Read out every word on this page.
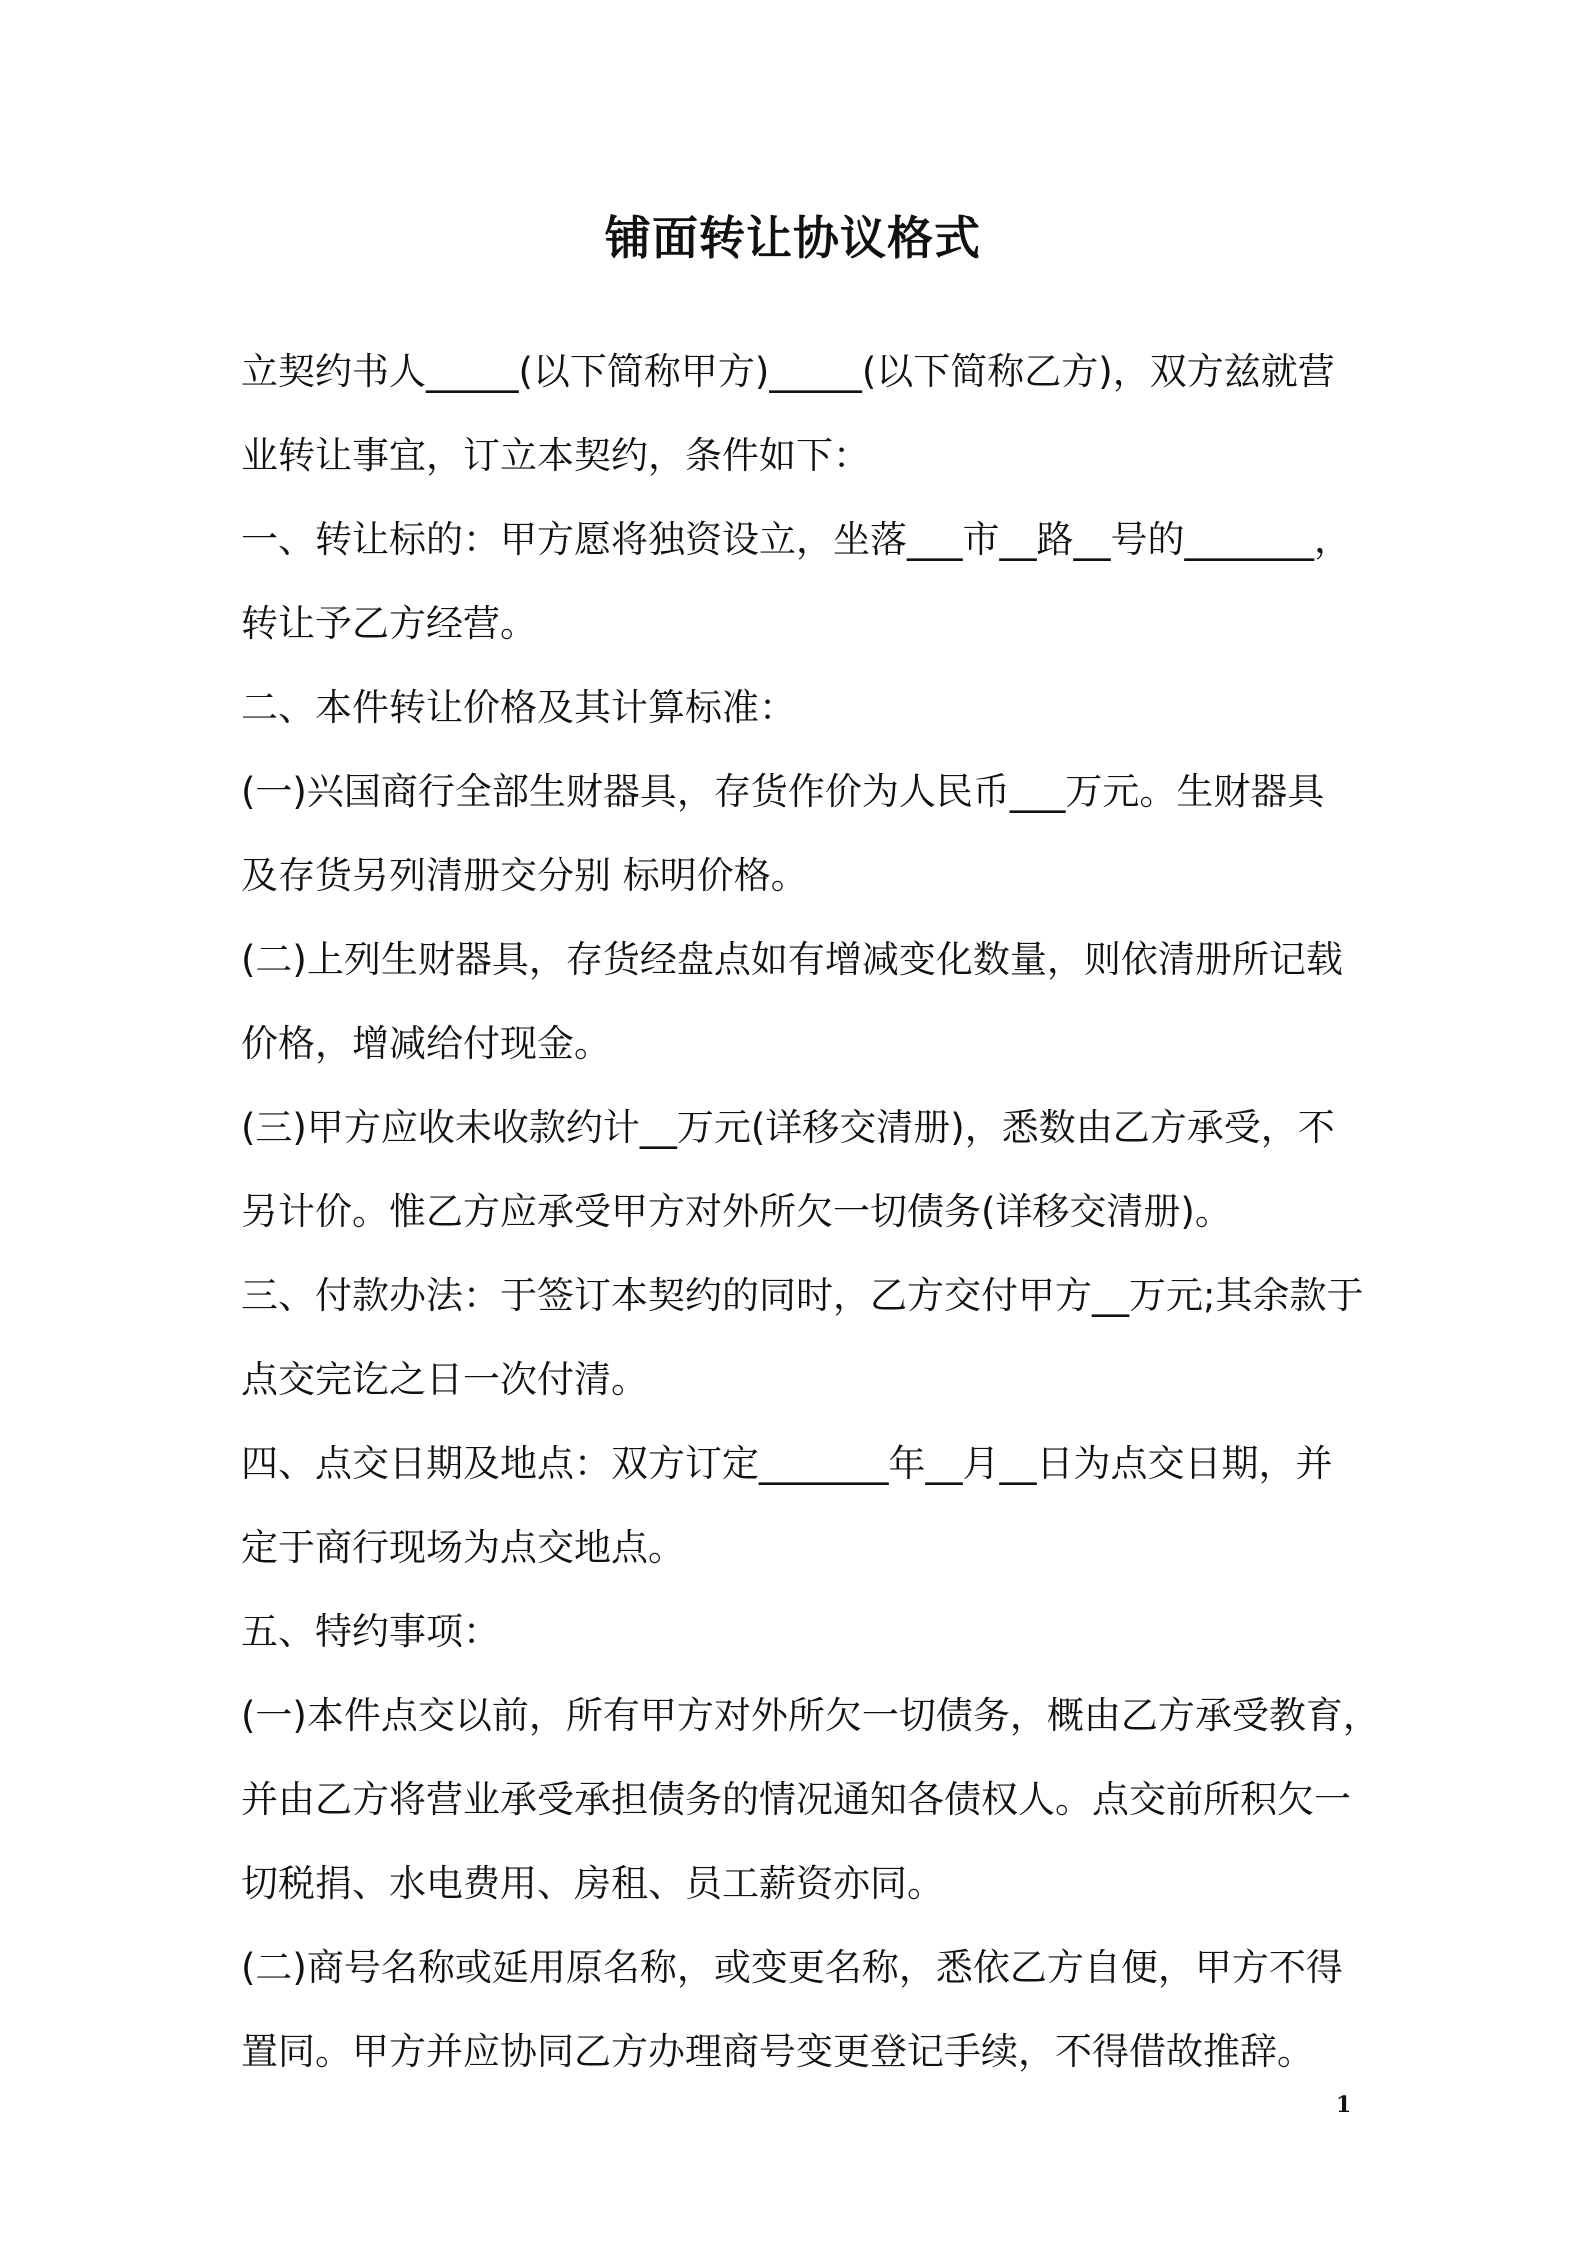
铺面转让协议格式

立契约书人_____(以下简称甲方)_____(以下简称乙方)，双方兹就营

业转让事宜，订立本契约，条件如下：

一、转让标的：甲方愿将独资设立，坐落___市__路__号的_______，

转让予乙方经营。

二、本件转让价格及其计算标准：

(一)兴国商行全部生财器具，存货作价为人民币___万元。生财器具

及存货另列清册交分别 标明价格。

(二)上列生财器具，存货经盘点如有增减变化数量，则依清册所记载

价格，增减给付现金。

(三)甲方应收未收款约计__万元(详移交清册)，悉数由乙方承受，不

另计价。惟乙方应承受甲方对外所欠一切债务(详移交清册)。

三、付款办法：于签订本契约的同时，乙方交付甲方__万元;其余款于

点交完讫之日一次付清。

四、点交日期及地点：双方订定_______年__月__日为点交日期，并

定于商行现场为点交地点。

五、特约事项：

(一)本件点交以前，所有甲方对外所欠一切债务，概由乙方承受教育，

并由乙方将营业承受承担债务的情况通知各债权人。点交前所积欠一

切税捐、水电费用、房租、员工薪资亦同。

(二)商号名称或延用原名称，或变更名称，悉依乙方自便，甲方不得

置同。甲方并应协同乙方办理商号变更登记手续，不得借故推辞。

1
